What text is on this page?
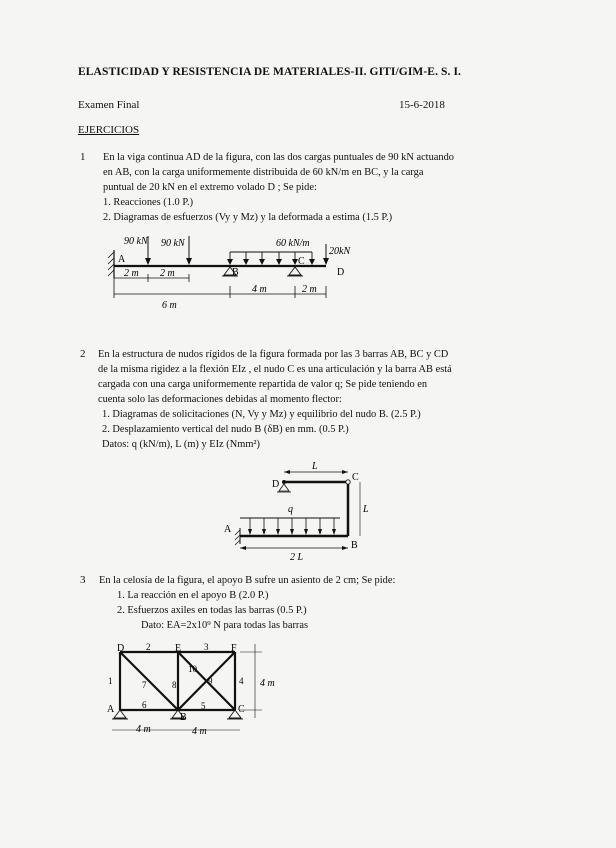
ELASTICIDAD Y RESISTENCIA DE MATERIALES-II. GITI/GIM-E. S. I.
Examen Final	15-6-2018
EJERCICIOS
1 En la viga continua AD de la figura, con las dos cargas puntuales de 90 kN actuando
en AB, con la carga uniformemente distribuida de 60 kN/m en BC, y la carga
puntual de 20 kN en el extremo volado D ; Se pide:
1. Reacciones (1.0 P.)
2. Diagramas de esfuerzos (Vy y Mz) y la deformada a estima (1.5 P.)
90 kN 90 kN	60 kN/m
20kN
A
B
C
D
2 m 2 m
6 m
4 m	2 m
2 En la estructura de nudos rígidos de la figura formada por las 3 barras AB, BC y CD
de la misma rigidez a la flexión EIz , el nudo C es una articulación y la barra AB está
cargada con una carga uniformemente repartida de valor q; Se pide teniendo en
cuenta solo las deformaciones debidas al momento flector:
1. Diagramas de solicitaciones (N, Vy y Mz) y equilibrio del nudo B. (2.5 P.)
2. Desplazamiento vertical del nudo B (δB) en mm. (0.5 P.)
Datos: q (kN/m), L (m) y EIz (Nmm²)
L
q	L
2 L
A
B
C
D
3 En la celosía de la figura, el apoyo B sufre un asiento de 2 cm; Se pide:
1. La reacción en el apoyo B (2.0 P.)
2. Esfuerzos axiles en todas las barras (0.5 P.)
Dato: EA=2x10⁹ N para todas las barras
4 m
4 m	4 m
D	E	F
A
B
C
1
2	3
4
5
6
7	8	9
10
